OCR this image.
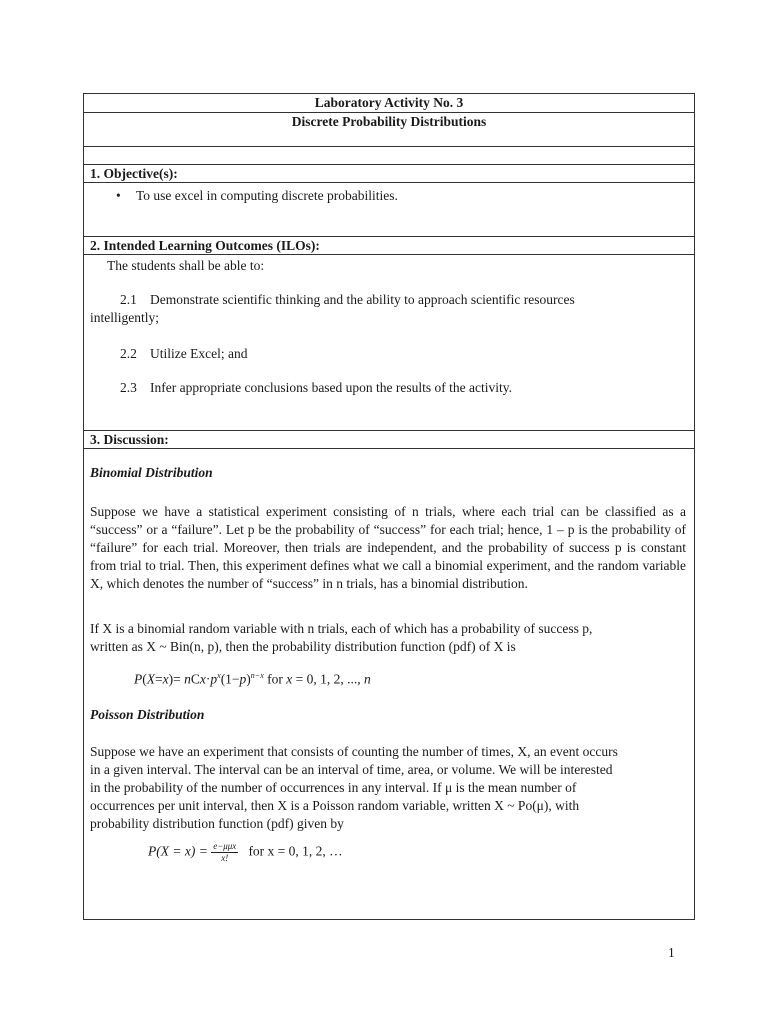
Laboratory Activity No. 3
Discrete Probability Distributions
1. Objective(s):
• To use excel in computing discrete probabilities.
2. Intended Learning Outcomes (ILOs):
The students shall be able to:
2.1 Demonstrate scientific thinking and the ability to approach scientific resources
intelligently;
2.2 Utilize Excel; and
2.3 Infer appropriate conclusions based upon the results of the activity.
3. Discussion:
Binomial Distribution
Suppose we have a statistical experiment consisting of n trials, where each trial can be classified as a “success” or a “failure”. Let p be the probability of “success” for each trial; hence, 1 – p is the probability of “failure” for each trial. Moreover, then trials are independent, and the probability of success p is constant from trial to trial. Then, this experiment defines what we call a binomial experiment, and the random variable X, which denotes the number of “success” in n trials, has a binomial distribution.
If X is a binomial random variable with n trials, each of which has a probability of success p,
written as X ~ Bin(n, p), then the probability distribution function (pdf) of X is
$P(X=x)= nCx\cdot p^x(1-p)^{n-x}$ for x = 0, 1, 2, ..., n
Poisson Distribution
Suppose we have an experiment that consists of counting the number of times, X, an event occurs
in a given interval. The interval can be an interval of time, area, or volume. We will be interested
in the probability of the number of occurrences in any interval. If μ is the mean number of
occurrences per unit interval, then X is a Poisson random variable, written X ~ Po(μ), with
probability distribution function (pdf) given by
$P(X = x) = \frac{\text{e−μμx}}{x!}$ for x = 0, 1, 2, …
1
